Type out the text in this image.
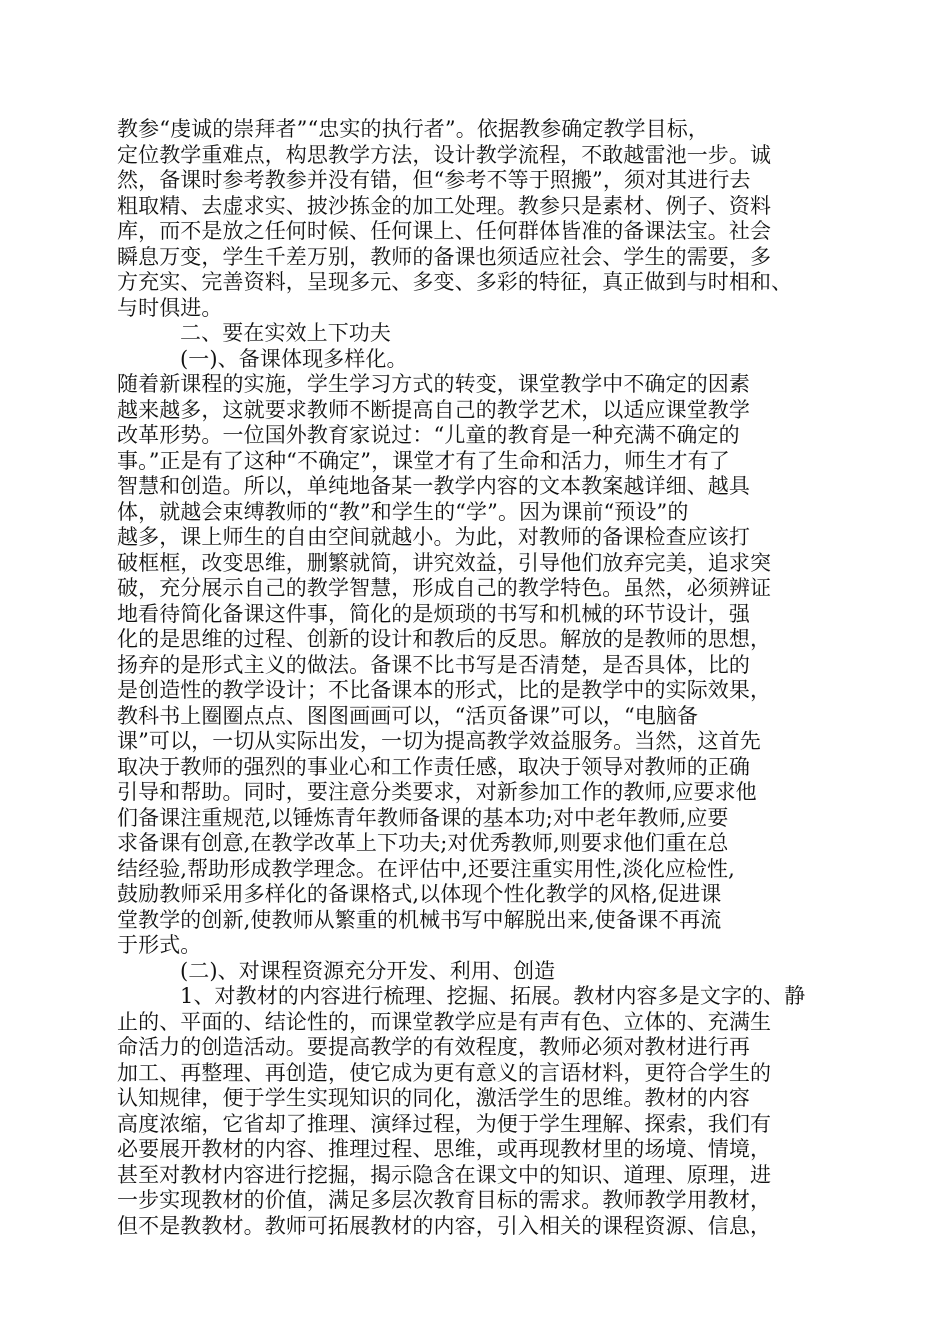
教参“虔诚的崇拜者”“忠实的执行者”。依据教参确定教学目标，
定位教学重难点，构思教学方法，设计教学流程，不敢越雷池一步。诚
然，备课时参考教参并没有错，但“参考不等于照搬”，须对其进行去
粗取精、去虚求实、披沙拣金的加工处理。教参只是素材、例子、资料
库，而不是放之任何时候、任何课上、任何群体皆准的备课法宝。社会
瞬息万变，学生千差万别，教师的备课也须适应社会、学生的需要，多
方充实、完善资料，呈现多元、多变、多彩的特征，真正做到与时相和、
与时俱进。
二、要在实效上下功夫
(一)、备课体现多样化。
随着新课程的实施，学生学习方式的转变，课堂教学中不确定的因素
越来越多，这就要求教师不断提高自己的教学艺术，以适应课堂教学
改革形势。一位国外教育家说过：“儿童的教育是一种充满不确定的
事。”正是有了这种“不确定”，课堂才有了生命和活力，师生才有了
智慧和创造。所以，单纯地备某一教学内容的文本教案越详细、越具
体，就越会束缚教师的“教”和学生的“学”。因为课前“预设”的
越多，课上师生的自由空间就越小。为此，对教师的备课检查应该打
破框框，改变思维，删繁就简，讲究效益，引导他们放弃完美，追求突
破，充分展示自己的教学智慧，形成自己的教学特色。虽然，必须辨证
地看待简化备课这件事，简化的是烦琐的书写和机械的环节设计，强
化的是思维的过程、创新的设计和教后的反思。解放的是教师的思想，
扬弃的是形式主义的做法。备课不比书写是否清楚，是否具体，比的
是创造性的教学设计；不比备课本的形式，比的是教学中的实际效果，
教科书上圈圈点点、图图画画可以，“活页备课”可以，“电脑备
课”可以，一切从实际出发，一切为提高教学效益服务。当然，这首先
取决于教师的强烈的事业心和工作责任感，取决于领导对教师的正确
引导和帮助。同时，要注意分类要求，对新参加工作的教师,应要求他
们备课注重规范,以锤炼青年教师备课的基本功;对中老年教师,应要
求备课有创意,在教学改革上下功夫;对优秀教师,则要求他们重在总
结经验,帮助形成教学理念。在评估中,还要注重实用性,淡化应检性,
鼓励教师采用多样化的备课格式,以体现个性化教学的风格,促进课
堂教学的创新,使教师从繁重的机械书写中解脱出来,使备课不再流
于形式。
(二)、对课程资源充分开发、利用、创造
1、对教材的内容进行梳理、挖掘、拓展。教材内容多是文字的、静
止的、平面的、结论性的，而课堂教学应是有声有色、立体的、充满生
命活力的创造活动。要提高教学的有效程度，教师必须对教材进行再
加工、再整理、再创造，使它成为更有意义的言语材料，更符合学生的
认知规律，便于学生实现知识的同化，激活学生的思维。教材的内容
高度浓缩，它省却了推理、演绎过程，为便于学生理解、探索，我们有
必要展开教材的内容、推理过程、思维，或再现教材里的场境、情境，
甚至对教材内容进行挖掘，揭示隐含在课文中的知识、道理、原理，进
一步实现教材的价值，满足多层次教育目标的需求。教师教学用教材，
但不是教教材。教师可拓展教材的内容，引入相关的课程资源、信息，
